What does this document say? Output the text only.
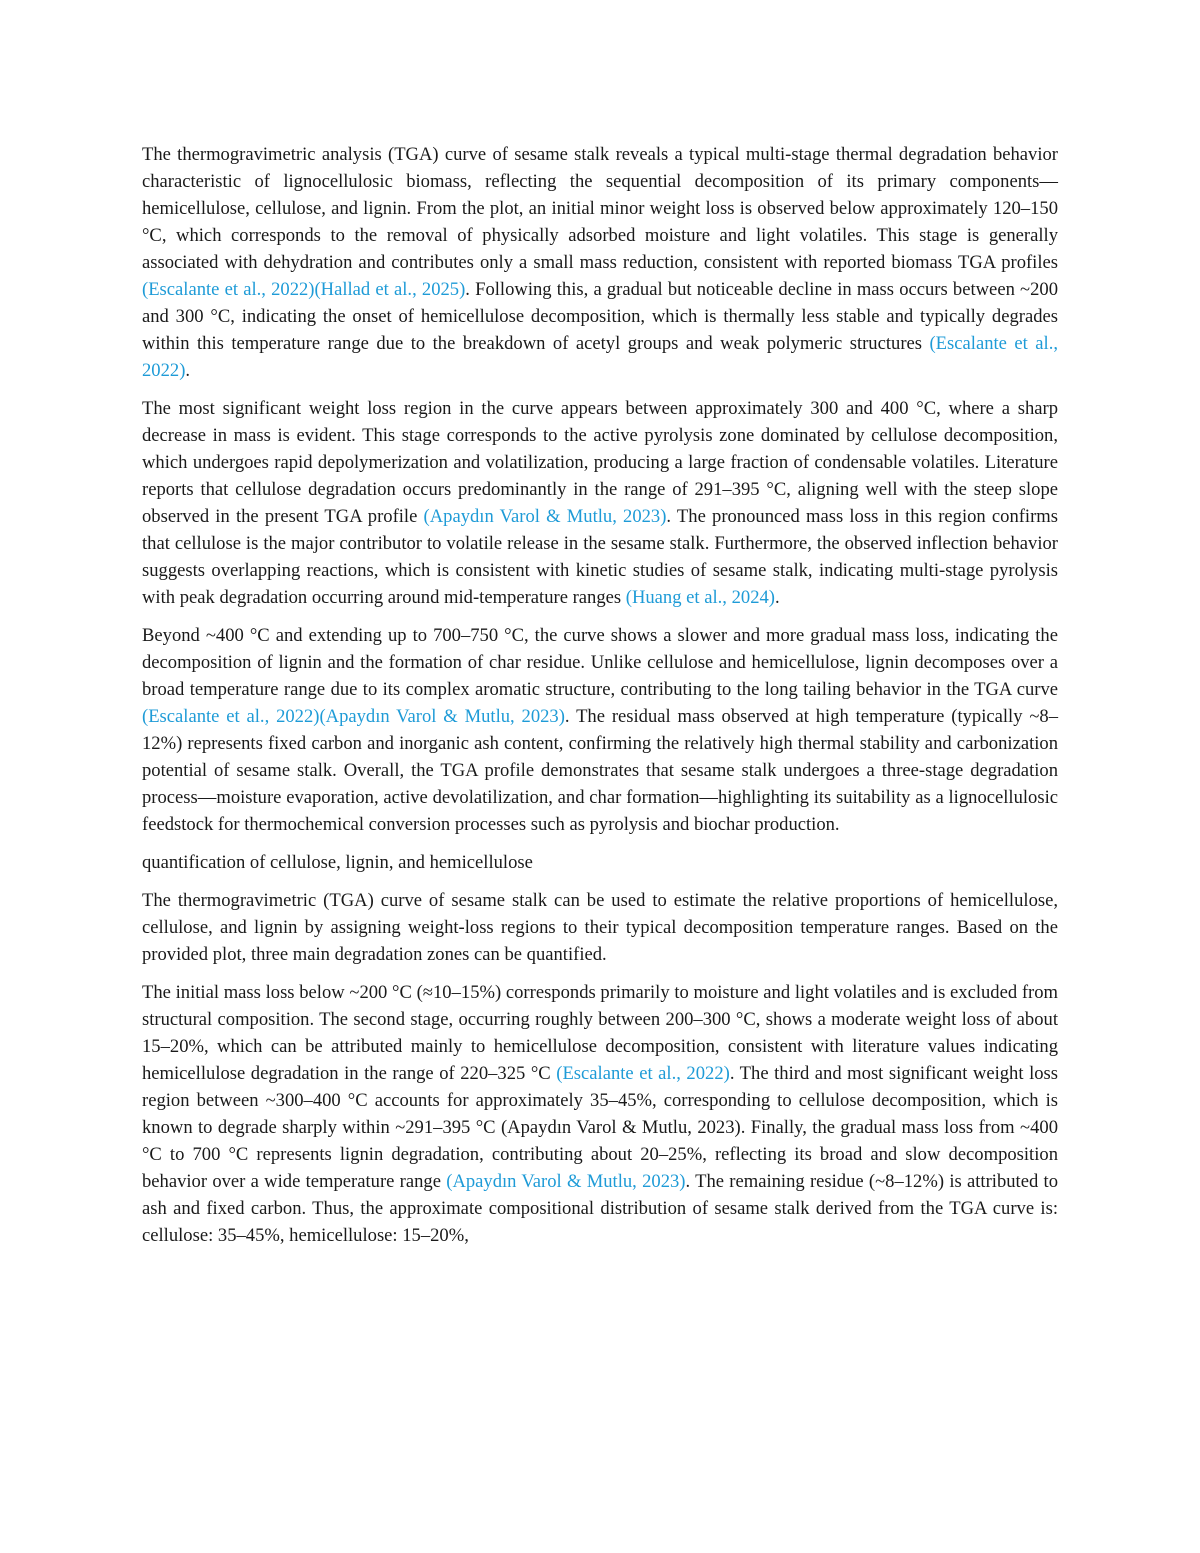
The thermogravimetric analysis (TGA) curve of sesame stalk reveals a typical multi-stage thermal degradation behavior characteristic of lignocellulosic biomass, reflecting the sequential decomposition of its primary components—hemicellulose, cellulose, and lignin. From the plot, an initial minor weight loss is observed below approximately 120–150 °C, which corresponds to the removal of physically adsorbed moisture and light volatiles. This stage is generally associated with dehydration and contributes only a small mass reduction, consistent with reported biomass TGA profiles (Escalante et al., 2022)(Hallad et al., 2025). Following this, a gradual but noticeable decline in mass occurs between ~200 and 300 °C, indicating the onset of hemicellulose decomposition, which is thermally less stable and typically degrades within this temperature range due to the breakdown of acetyl groups and weak polymeric structures (Escalante et al., 2022).

The most significant weight loss region in the curve appears between approximately 300 and 400 °C, where a sharp decrease in mass is evident. This stage corresponds to the active pyrolysis zone dominated by cellulose decomposition, which undergoes rapid depolymerization and volatilization, producing a large fraction of condensable volatiles. Literature reports that cellulose degradation occurs predominantly in the range of 291–395 °C, aligning well with the steep slope observed in the present TGA profile (Apaydın Varol & Mutlu, 2023). The pronounced mass loss in this region confirms that cellulose is the major contributor to volatile release in the sesame stalk. Furthermore, the observed inflection behavior suggests overlapping reactions, which is consistent with kinetic studies of sesame stalk, indicating multi-stage pyrolysis with peak degradation occurring around mid-temperature ranges (Huang et al., 2024).

Beyond ~400 °C and extending up to 700–750 °C, the curve shows a slower and more gradual mass loss, indicating the decomposition of lignin and the formation of char residue. Unlike cellulose and hemicellulose, lignin decomposes over a broad temperature range due to its complex aromatic structure, contributing to the long tailing behavior in the TGA curve (Escalante et al., 2022)(Apaydın Varol & Mutlu, 2023). The residual mass observed at high temperature (typically ~8–12%) represents fixed carbon and inorganic ash content, confirming the relatively high thermal stability and carbonization potential of sesame stalk. Overall, the TGA profile demonstrates that sesame stalk undergoes a three-stage degradation process—moisture evaporation, active devolatilization, and char formation—highlighting its suitability as a lignocellulosic feedstock for thermochemical conversion processes such as pyrolysis and biochar production.

quantification of cellulose, lignin, and hemicellulose

The thermogravimetric (TGA) curve of sesame stalk can be used to estimate the relative proportions of hemicellulose, cellulose, and lignin by assigning weight-loss regions to their typical decomposition temperature ranges. Based on the provided plot, three main degradation zones can be quantified.

The initial mass loss below ~200 °C (≈10–15%) corresponds primarily to moisture and light volatiles and is excluded from structural composition. The second stage, occurring roughly between 200–300 °C, shows a moderate weight loss of about 15–20%, which can be attributed mainly to hemicellulose decomposition, consistent with literature values indicating hemicellulose degradation in the range of 220–325 °C (Escalante et al., 2022). The third and most significant weight loss region between ~300–400 °C accounts for approximately 35–45%, corresponding to cellulose decomposition, which is known to degrade sharply within ~291–395 °C (Apaydın Varol & Mutlu, 2023). Finally, the gradual mass loss from ~400 °C to 700 °C represents lignin degradation, contributing about 20–25%, reflecting its broad and slow decomposition behavior over a wide temperature range (Apaydın Varol & Mutlu, 2023). The remaining residue (~8–12%) is attributed to ash and fixed carbon. Thus, the approximate compositional distribution of sesame stalk derived from the TGA curve is: cellulose: 35–45%, hemicellulose: 15–20%,
